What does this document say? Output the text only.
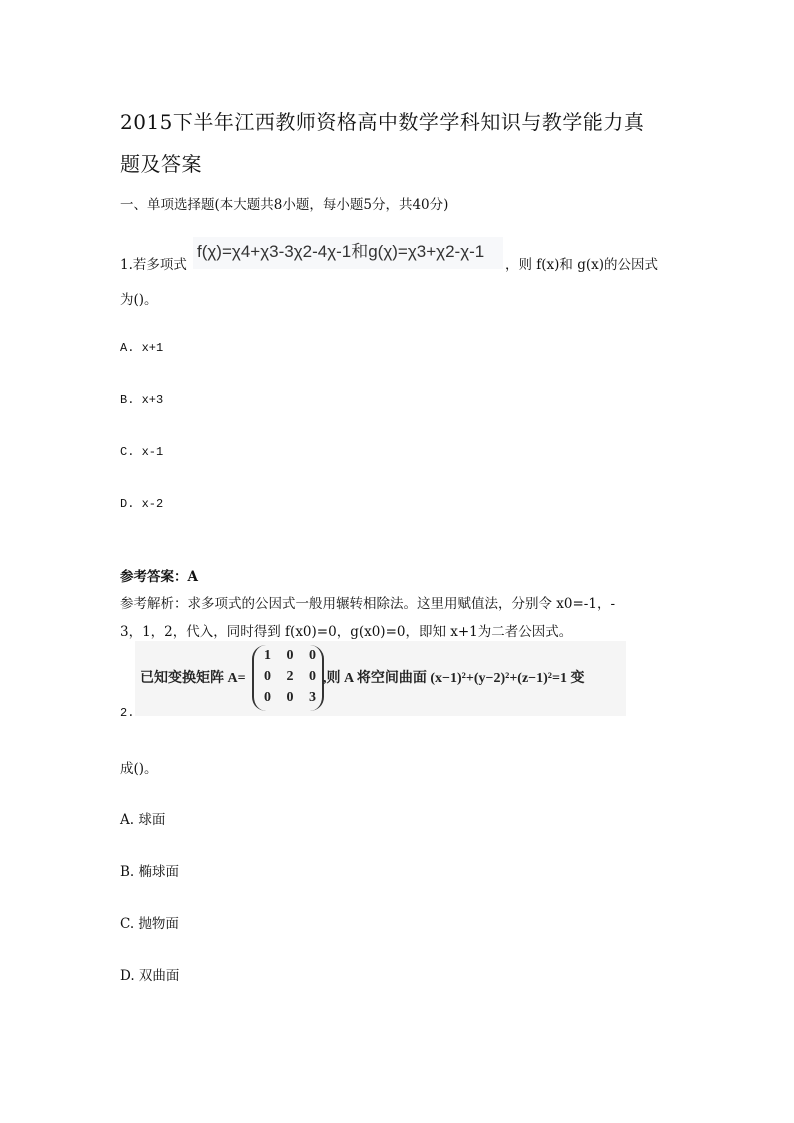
2015下半年江西教师资格高中数学学科知识与教学能力真
题及答案
一、单项选择题(本大题共8小题，每小题5分，共40分)
1.若多项式
f(χ)=χ4+χ3-3χ2-4χ-1和g(χ)=χ3+χ2-χ-1
，则 f(x)和 g(x)的公因式
为()。
A. x+1
B. x+3
C. x-1
D. x-2
参考答案：A
参考解析：求多项式的公因式一般用辗转相除法。这里用赋值法，分别令 x0=-1，-
3，1，2，代入，同时得到 f(x0)=0，g(x0)=0，即知 x+1为二者公因式。
已知变换矩阵 A=
1 0 0
0 2 0
0 0 3
,则 A 将空间曲面 (x−1)²+(y−2)²+(z−1)²=1 变
2.
成()。
A. 球面
B. 椭球面
C. 抛物面
D. 双曲面
